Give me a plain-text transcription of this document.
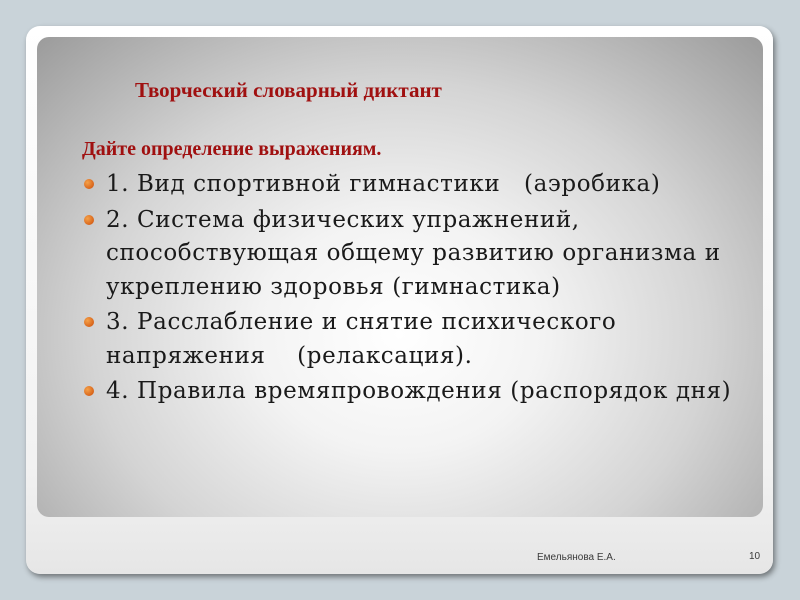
Творческий словарный диктант
Дайте определение выражениям.
1. Вид спортивной гимнастики   (аэробика)
2. Система физических упражнений, способствующая общему развитию организма и укреплению здоровья (гимнастика)
3. Расслабление и снятие психического напряжения    (релаксация).
4. Правила времяпровождения (распорядок дня)
Емельянова Е.А.	10
